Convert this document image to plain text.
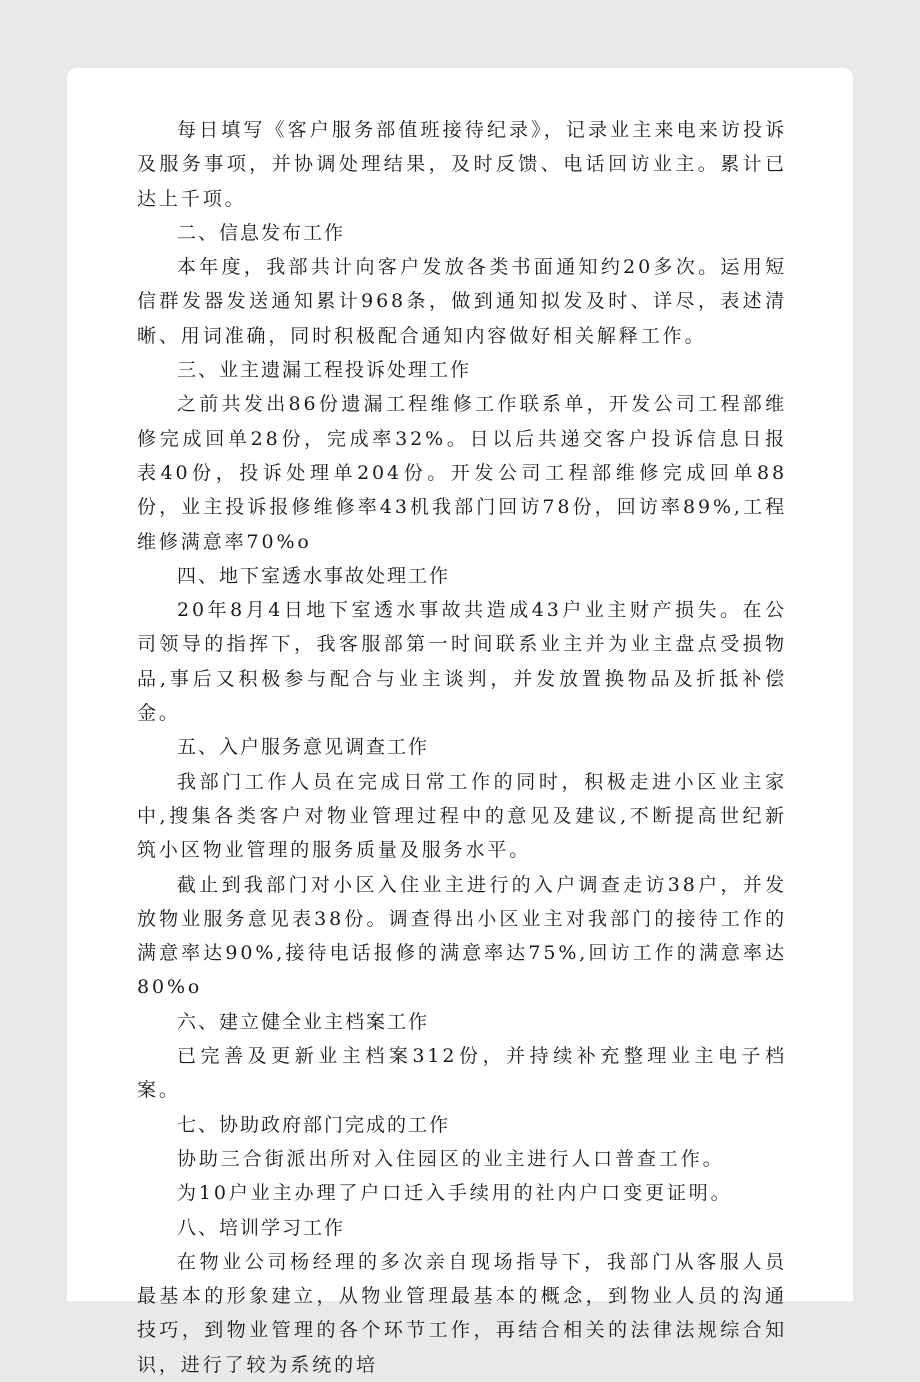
每日填写《客户服务部值班接待纪录》，记录业主来电来访投诉及服务事项，并协调处理结果，及时反馈、电话回访业主。累计已达上千项。

二、信息发布工作

本年度，我部共计向客户发放各类书面通知约20多次。运用短信群发器发送通知累计968条，做到通知拟发及时、详尽，表述清晰、用词准确，同时积极配合通知内容做好相关解释工作。

三、业主遗漏工程投诉处理工作

之前共发出86份遗漏工程维修工作联系单，开发公司工程部维修完成回单28份，完成率32%。日以后共递交客户投诉信息日报表40份，投诉处理单204份。开发公司工程部维修完成回单88份，业主投诉报修维修率43机我部门回访78份，回访率89%,工程维修满意率70%o

四、地下室透水事故处理工作

20年8月4日地下室透水事故共造成43户业主财产损失。在公司领导的指挥下，我客服部第一时间联系业主并为业主盘点受损物品,事后又积极参与配合与业主谈判，并发放置换物品及折抵补偿金。

五、入户服务意见调查工作

我部门工作人员在完成日常工作的同时，积极走进小区业主家中,搜集各类客户对物业管理过程中的意见及建议,不断提高世纪新筑小区物业管理的服务质量及服务水平。

截止到我部门对小区入住业主进行的入户调查走访38户，并发放物业服务意见表38份。调查得出小区业主对我部门的接待工作的满意率达90%,接待电话报修的满意率达75%,回访工作的满意率达80%o

六、建立健全业主档案工作

已完善及更新业主档案312份，并持续补充整理业主电子档案。

七、协助政府部门完成的工作

协助三合街派出所对入住园区的业主进行人口普查工作。

为10户业主办理了户口迁入手续用的社内户口变更证明。

八、培训学习工作

在物业公司杨经理的多次亲自现场指导下，我部门从客服人员最基本的形象建立，从物业管理最基本的概念，到物业人员的沟通技巧，到物业管理的各个环节工作，再结合相关的法律法规综合知识，进行了较为系统的培
